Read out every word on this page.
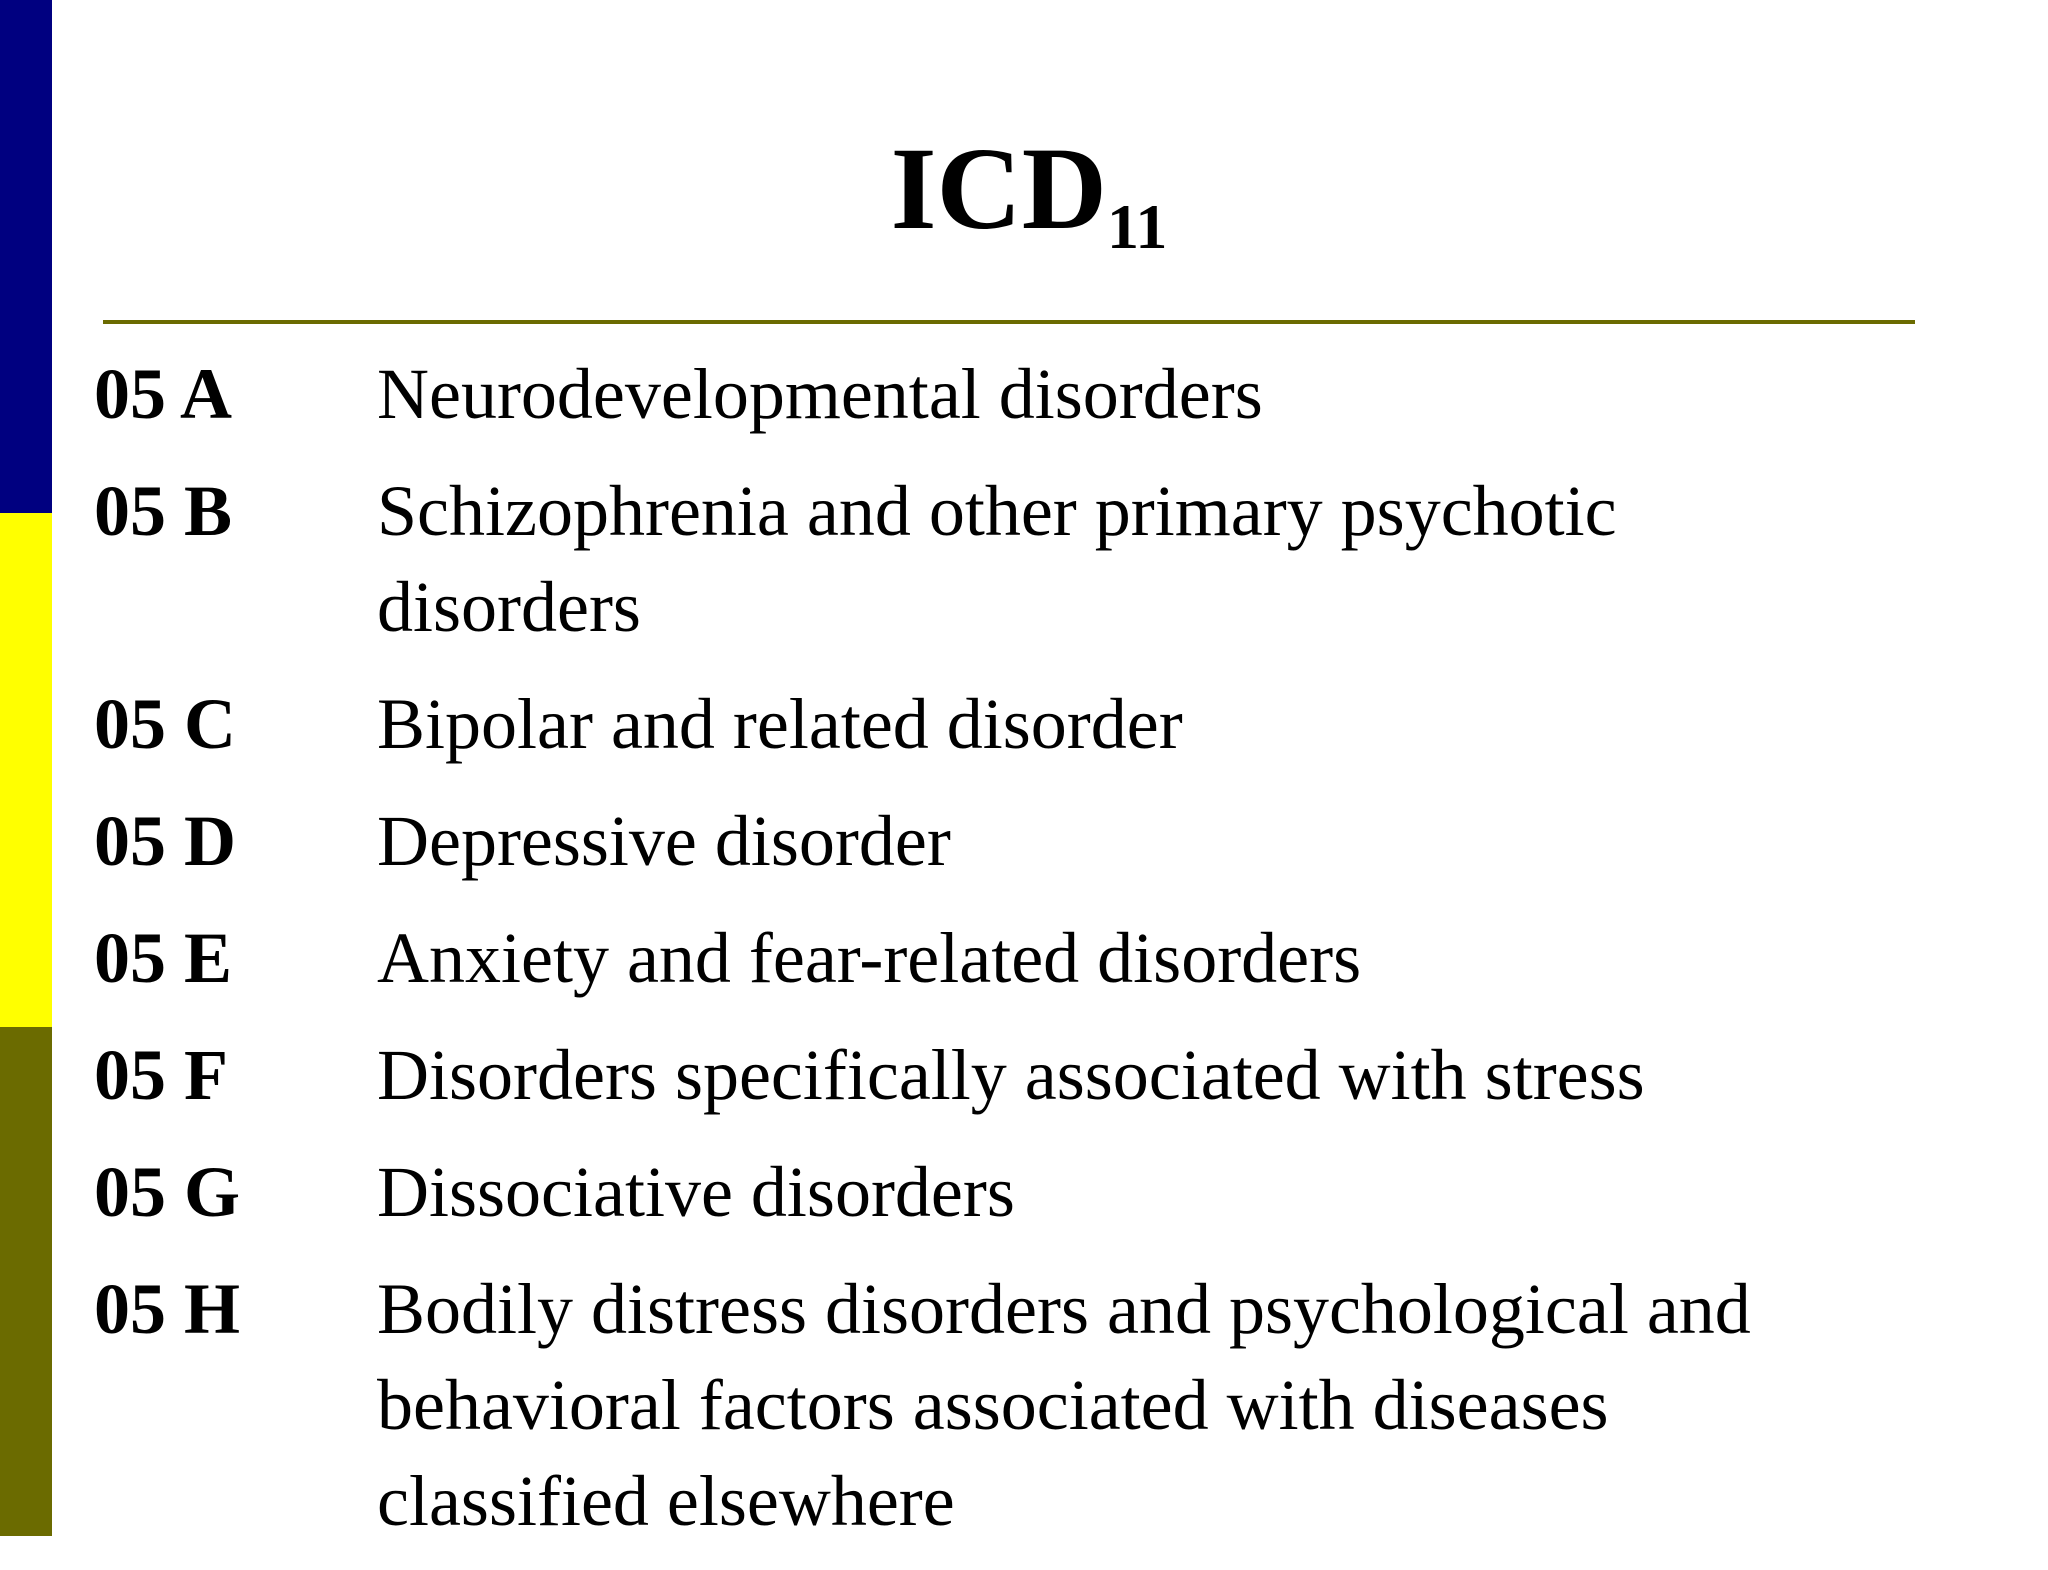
$ICD_{11}$
05 A	Neurodevelopmental disorders
05 B	Schizophrenia and other primary psychotic
disorders
05 C	Bipolar and related disorder
05 D	Depressive disorder
05 E	Anxiety and fear-related disorders
05 F	Disorders specifically associated with stress
05 G	Dissociative disorders
05 H	Bodily distress disorders and psychological and
behavioral factors associated with diseases
classified elsewhere
